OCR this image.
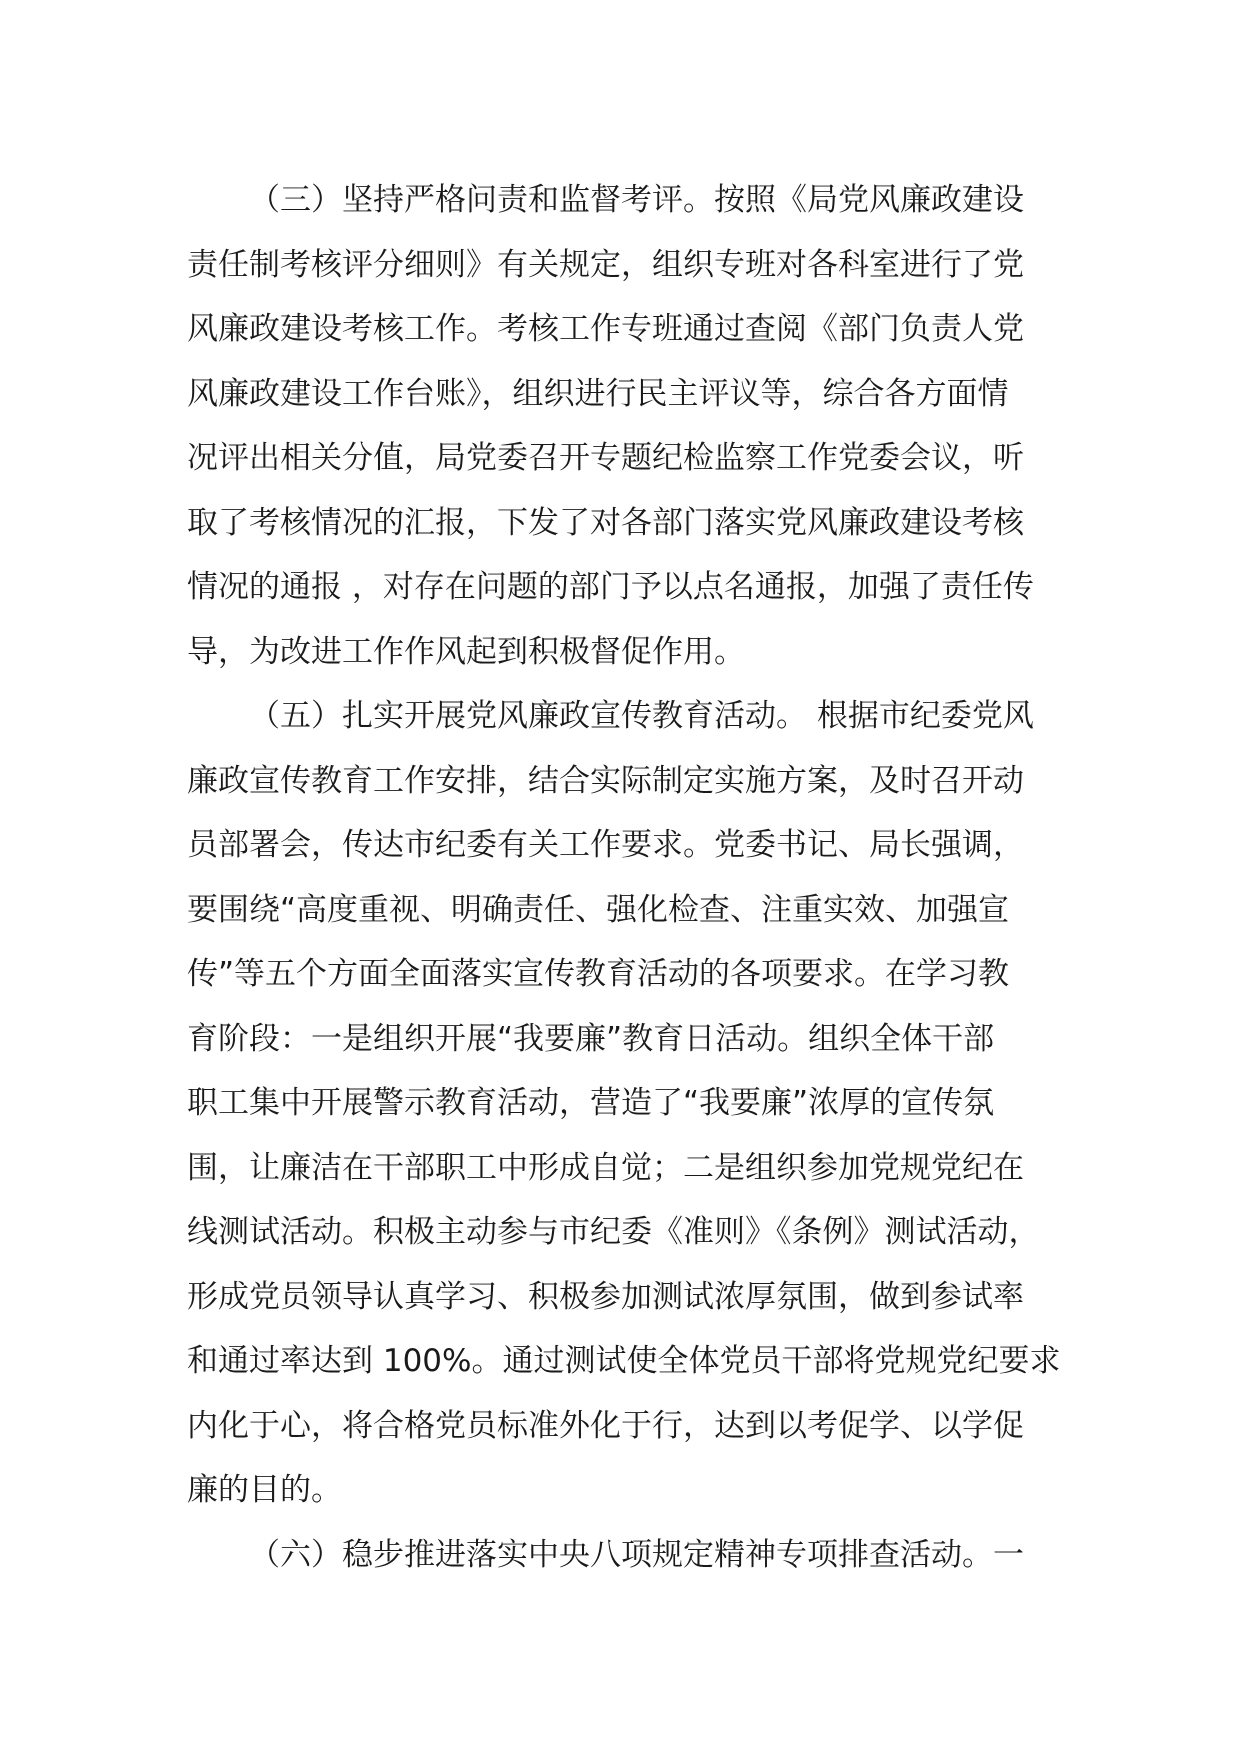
（三）坚持严格问责和监督考评。按照《局党风廉政建设
责任制考核评分细则》有关规定，组织专班对各科室进行了党
风廉政建设考核工作。考核工作专班通过查阅《部门负责人党
风廉政建设工作台账》，组织进行民主评议等，综合各方面情
况评出相关分值，局党委召开专题纪检监察工作党委会议，听
取了考核情况的汇报，下发了对各部门落实党风廉政建设考核
情况的通报 ，对存在问题的部门予以点名通报，加强了责任传
导，为改进工作作风起到积极督促作用。
（五）扎实开展党风廉政宣传教育活动。 根据市纪委党风
廉政宣传教育工作安排，结合实际制定实施方案，及时召开动
员部署会，传达市纪委有关工作要求。党委书记、局长强调，
要围绕“高度重视、明确责任、强化检查、注重实效、加强宣
传”等五个方面全面落实宣传教育活动的各项要求。在学习教
育阶段：一是组织开展“我要廉”教育日活动。组织全体干部
职工集中开展警示教育活动，营造了“我要廉”浓厚的宣传氛
围，让廉洁在干部职工中形成自觉；二是组织参加党规党纪在
线测试活动。积极主动参与市纪委《准则》《条例》测试活动，
形成党员领导认真学习、积极参加测试浓厚氛围，做到参试率
和通过率达到 100%。通过测试使全体党员干部将党规党纪要求
内化于心，将合格党员标准外化于行，达到以考促学、以学促
廉的目的。
（六）稳步推进落实中央八项规定精神专项排查活动。一
